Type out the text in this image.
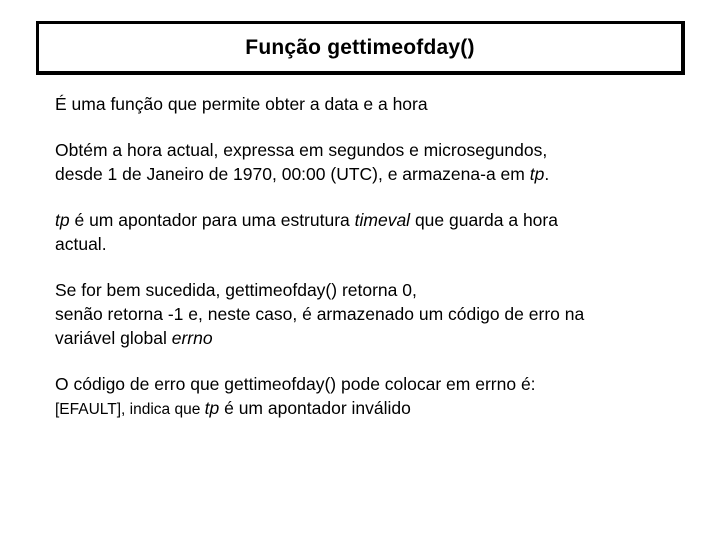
Função gettimeofday()

É uma função que permite obter a data e a hora

Obtém a hora actual, expressa em segundos e microsegundos,
desde 1 de Janeiro de 1970, 00:00 (UTC), e armazena-a em tp.

tp é um apontador para uma estrutura timeval que guarda a hora
actual.

Se for bem sucedida, gettimeofday() retorna 0,
senão retorna -1 e, neste caso, é armazenado um código de erro na
variável global errno

O código de erro que gettimeofday() pode colocar em errno é:
[EFAULT], indica que tp é um apontador inválido
